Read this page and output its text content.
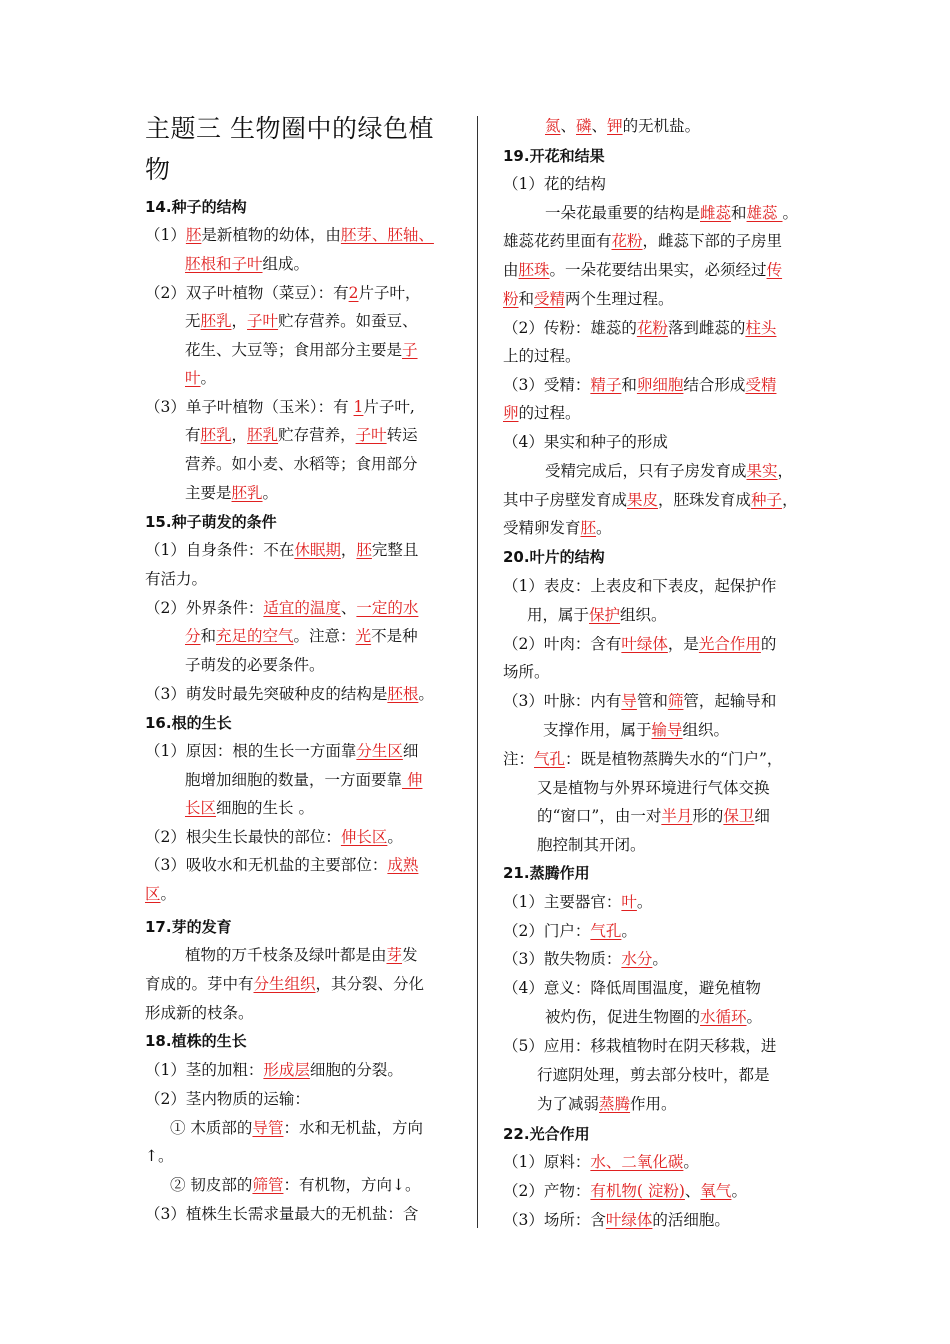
主题三 生物圈中的绿色植物
14.种子的结构
（1）胚是新植物的幼体，由胚芽、胚轴、
胚根和子叶组成。
（2）双子叶植物（菜豆）：有2片子叶，
无胚乳，子叶贮存营养。如蚕豆、
花生、大豆等；食用部分主要是子
叶。
（3）单子叶植物（玉米）：有 1片子叶,
有胚乳，胚乳贮存营养，子叶转运
营养。如小麦、水稻等；食用部分
主要是胚乳。
15.种子萌发的条件
（1）自身条件：不在休眠期，胚完整且
有活力。
（2）外界条件：适宜的温度、一定的水
分和充足的空气。注意：光不是种
子萌发的必要条件。
（3）萌发时最先突破种皮的结构是胚根。
16.根的生长
（1）原因：根的生长一方面靠分生区细
胞增加细胞的数量，一方面要靠 伸
长区细胞的生长 。
（2）根尖生长最快的部位：伸长区。
（3）吸收水和无机盐的主要部位：成熟
区。
17.芽的发育
植物的万千枝条及绿叶都是由芽发
育成的。芽中有分生组织，其分裂、分化
形成新的枝条。
18.植株的生长
（1）茎的加粗：形成层细胞的分裂。
（2）茎内物质的运输：
① 木质部的导管：水和无机盐，方向
↑。
② 韧皮部的筛管：有机物，方向↓。
（3）植株生长需求量最大的无机盐：含
氮、磷、钾的无机盐。
19.开花和结果
（1）花的结构
一朵花最重要的结构是雌蕊和雄蕊 。
雄蕊花药里面有花粉，雌蕊下部的子房里
由胚珠。一朵花要结出果实，必须经过传
粉和受精两个生理过程。
（2）传粉：雄蕊的花粉落到雌蕊的柱头
上的过程。
（3）受精：精子和卵细胞结合形成受精
卵的过程。
（4）果实和种子的形成
受精完成后，只有子房发育成果实，
其中子房壁发育成果皮，胚珠发育成种子，
受精卵发育胚。
20.叶片的结构
（1）表皮：上表皮和下表皮，起保护作
用，属于保护组织。
（2）叶肉：含有叶绿体，是光合作用的
场所。
（3）叶脉：内有导管和筛管，起输导和
支撑作用，属于输导组织。
注：气孔：既是植物蒸腾失水的“门户”，
又是植物与外界环境进行气体交换
的“窗口”，由一对半月形的保卫细
胞控制其开闭。
21.蒸腾作用
（1）主要器官：叶。
（2）门户：气孔。
（3）散失物质：水分。
（4）意义：降低周围温度，避免植物
被灼伤，促进生物圈的水循环。
（5）应用：移栽植物时在阴天移栽，进
行遮阴处理，剪去部分枝叶，都是
为了减弱蒸腾作用。
22.光合作用
（1）原料：水、二氧化碳。
（2）产物：有机物( 淀粉)、氧气。
（3）场所：含叶绿体的活细胞。
